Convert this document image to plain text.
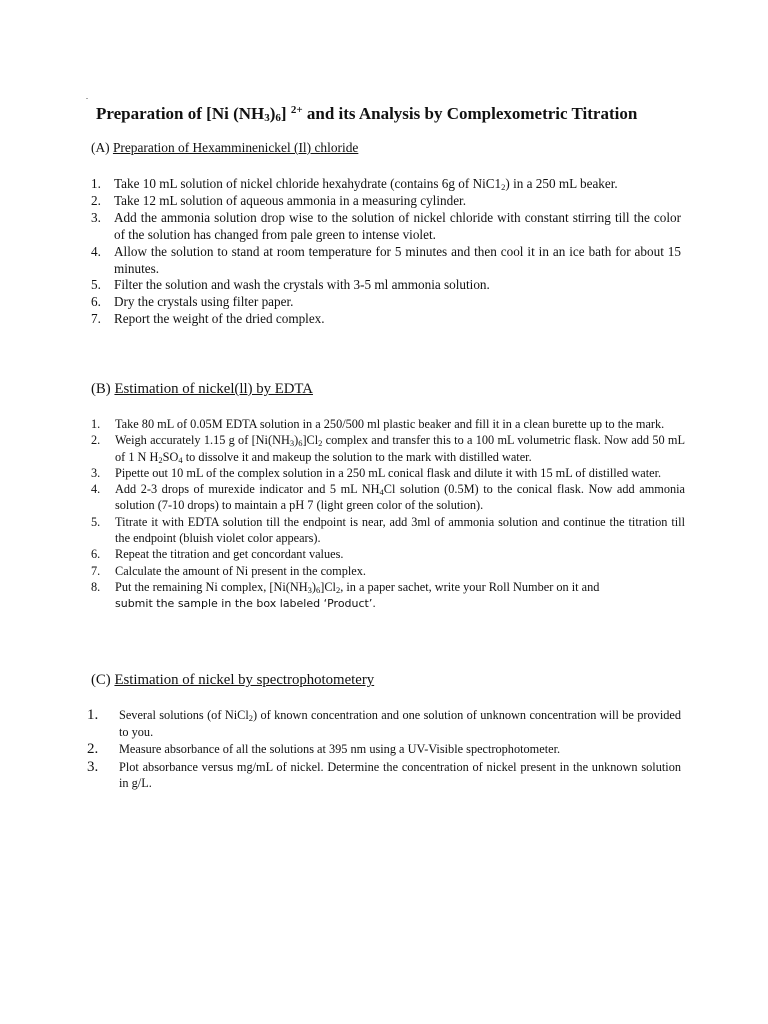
.
Preparation of [Ni $(NH_3)_6$] $^{2+}$ and its Analysis by Complexometric Titration
(A) Preparation of Hexamminenickel (Il) chloride
1. Take 10 mL solution of nickel chloride hexahydrate (contains 6g of $NiC1_2$) in a 250 mL beaker.
2. Take 12 mL solution of aqueous ammonia in a measuring cylinder.
3. Add the ammonia solution drop wise to the solution of nickel chloride with constant stirring till the color of the solution has changed from pale green to intense violet.
4. Allow the solution to stand at room temperature for 5 minutes and then cool it in an ice bath for about 15 minutes.
5. Filter the solution and wash the crystals with 3-5 ml ammonia solution.
6. Dry the crystals using filter paper.
7. Report the weight of the dried complex.
(B) Estimation of nickel(ll) by EDTA
1. Take 80 mL of 0.05M EDTA solution in a 250/500 ml plastic beaker and fill it in a clean burette up to the mark.
2. Weigh accurately 1.15 g of $[Ni(NH_3)_6]Cl_2$ complex and transfer this to a 100 mL volumetric flask. Now add 50 mL of 1 N $H_2SO_4$ to dissolve it and makeup the solution to the mark with distilled water.
3. Pipette out 10 mL of the complex solution in a 250 mL conical flask and dilute it with 15 mL of distilled water.
4. Add 2-3 drops of murexide indicator and 5 mL $NH_4Cl$ solution (0.5M) to the conical flask. Now add ammonia solution (7-10 drops) to maintain a pH 7 (light green color of the solution).
5. Titrate it with EDTA solution till the endpoint is near, add 3ml of ammonia solution and continue the titration till the endpoint (bluish violet color appears).
6. Repeat the titration and get concordant values.
7. Calculate the amount of Ni present in the complex.
8. Put the remaining Ni complex, $[Ni(NH_3)_6]Cl_2$, in a paper sachet, write your Roll Number on it and
submit the sample in the box labeled ‘Product’.
(C) Estimation of nickel by spectrophotometery
1. Several solutions (of NiCl$_2$) of known concentration and one solution of unknown concentration will be provided to you.
2. Measure absorbance of all the solutions at 395 nm using a UV-Visible spectrophotometer.
3. Plot absorbance versus mg/mL of nickel. Determine the concentration of nickel present in the unknown solution in g/L.
